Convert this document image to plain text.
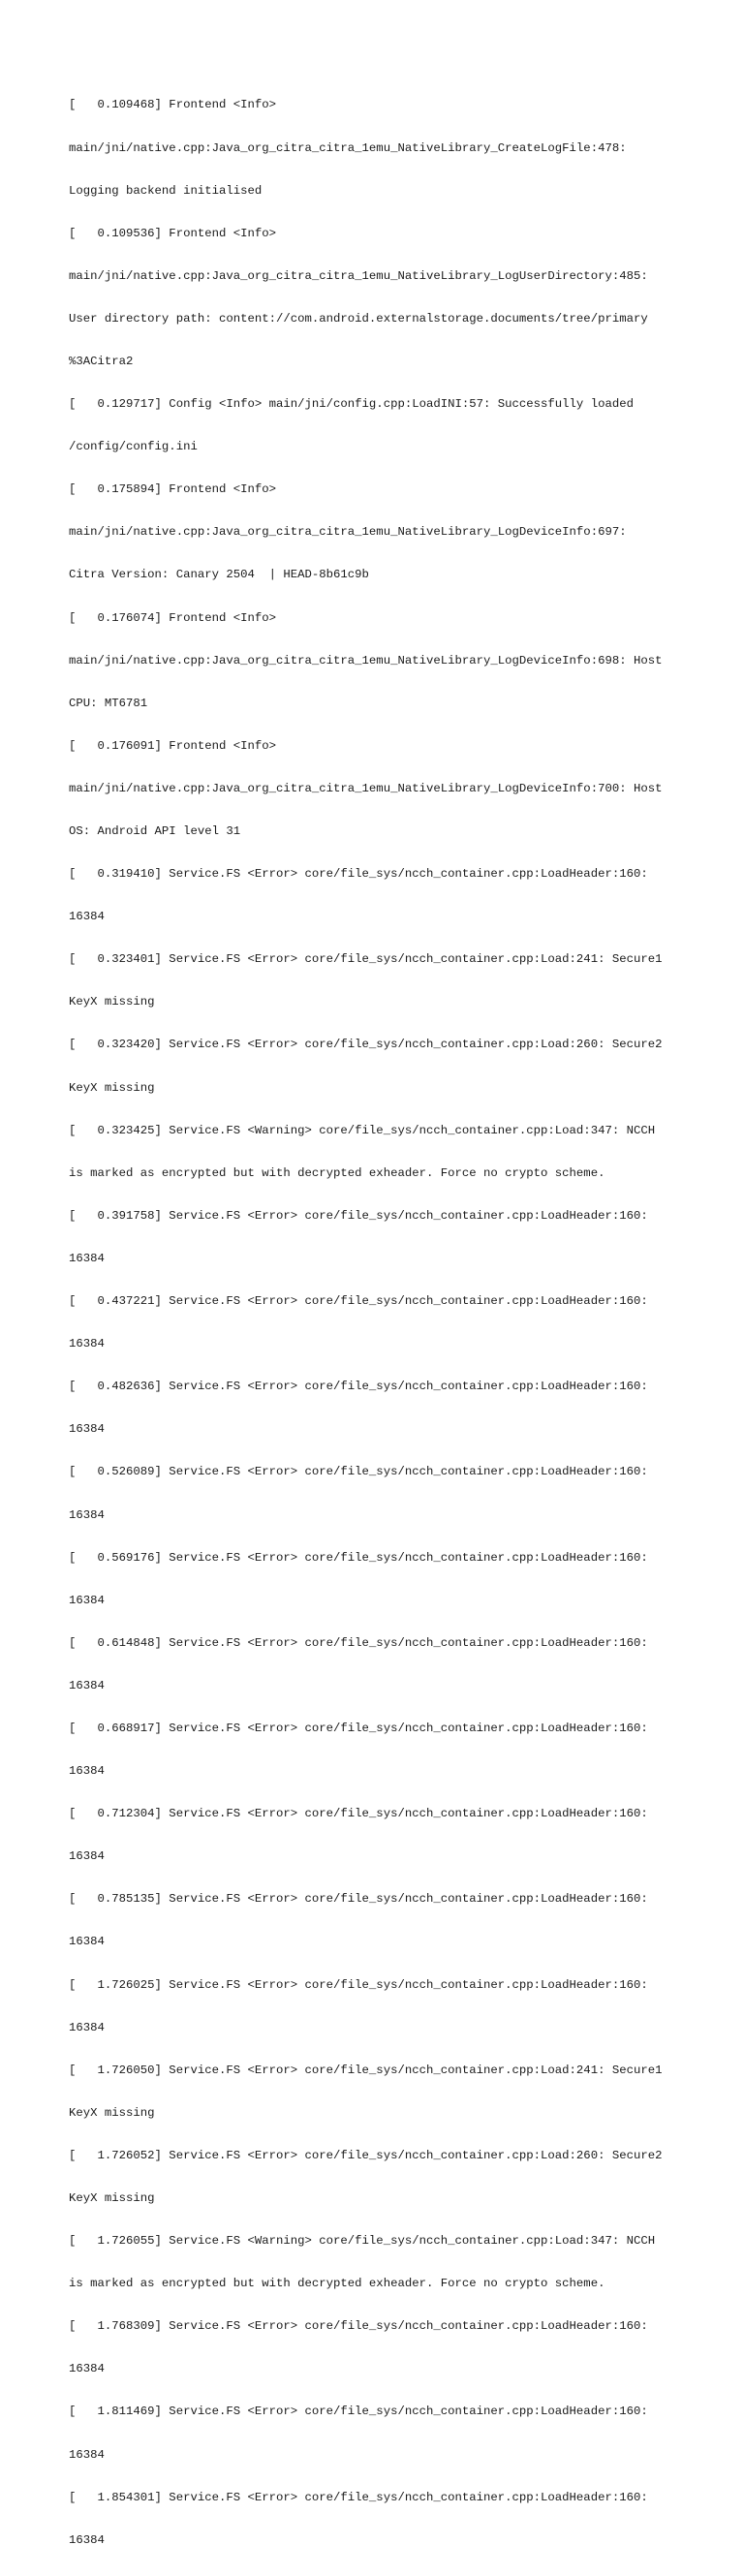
[   0.109468] Frontend <Info>

main/jni/native.cpp:Java_org_citra_citra_1emu_NativeLibrary_CreateLogFile:478:

Logging backend initialised

[   0.109536] Frontend <Info>

main/jni/native.cpp:Java_org_citra_citra_1emu_NativeLibrary_LogUserDirectory:485:

User directory path: content://com.android.externalstorage.documents/tree/primary

%3ACitra2

[   0.129717] Config <Info> main/jni/config.cpp:LoadINI:57: Successfully loaded

/config/config.ini

[   0.175894] Frontend <Info>

main/jni/native.cpp:Java_org_citra_citra_1emu_NativeLibrary_LogDeviceInfo:697:

Citra Version: Canary 2504  | HEAD-8b61c9b

[   0.176074] Frontend <Info>

main/jni/native.cpp:Java_org_citra_citra_1emu_NativeLibrary_LogDeviceInfo:698: Host

CPU: MT6781

[   0.176091] Frontend <Info>

main/jni/native.cpp:Java_org_citra_citra_1emu_NativeLibrary_LogDeviceInfo:700: Host

OS: Android API level 31

[   0.319410] Service.FS <Error> core/file_sys/ncch_container.cpp:LoadHeader:160:

16384

[   0.323401] Service.FS <Error> core/file_sys/ncch_container.cpp:Load:241: Secure1

KeyX missing

[   0.323420] Service.FS <Error> core/file_sys/ncch_container.cpp:Load:260: Secure2

KeyX missing

[   0.323425] Service.FS <Warning> core/file_sys/ncch_container.cpp:Load:347: NCCH

is marked as encrypted but with decrypted exheader. Force no crypto scheme.

[   0.391758] Service.FS <Error> core/file_sys/ncch_container.cpp:LoadHeader:160:

16384

[   0.437221] Service.FS <Error> core/file_sys/ncch_container.cpp:LoadHeader:160:

16384

[   0.482636] Service.FS <Error> core/file_sys/ncch_container.cpp:LoadHeader:160:

16384

[   0.526089] Service.FS <Error> core/file_sys/ncch_container.cpp:LoadHeader:160:

16384

[   0.569176] Service.FS <Error> core/file_sys/ncch_container.cpp:LoadHeader:160:

16384

[   0.614848] Service.FS <Error> core/file_sys/ncch_container.cpp:LoadHeader:160:

16384

[   0.668917] Service.FS <Error> core/file_sys/ncch_container.cpp:LoadHeader:160:

16384

[   0.712304] Service.FS <Error> core/file_sys/ncch_container.cpp:LoadHeader:160:

16384

[   0.785135] Service.FS <Error> core/file_sys/ncch_container.cpp:LoadHeader:160:

16384

[   1.726025] Service.FS <Error> core/file_sys/ncch_container.cpp:LoadHeader:160:

16384

[   1.726050] Service.FS <Error> core/file_sys/ncch_container.cpp:Load:241: Secure1

KeyX missing

[   1.726052] Service.FS <Error> core/file_sys/ncch_container.cpp:Load:260: Secure2

KeyX missing

[   1.726055] Service.FS <Warning> core/file_sys/ncch_container.cpp:Load:347: NCCH

is marked as encrypted but with decrypted exheader. Force no crypto scheme.

[   1.768309] Service.FS <Error> core/file_sys/ncch_container.cpp:LoadHeader:160:

16384

[   1.811469] Service.FS <Error> core/file_sys/ncch_container.cpp:LoadHeader:160:

16384

[   1.854301] Service.FS <Error> core/file_sys/ncch_container.cpp:LoadHeader:160:

16384
